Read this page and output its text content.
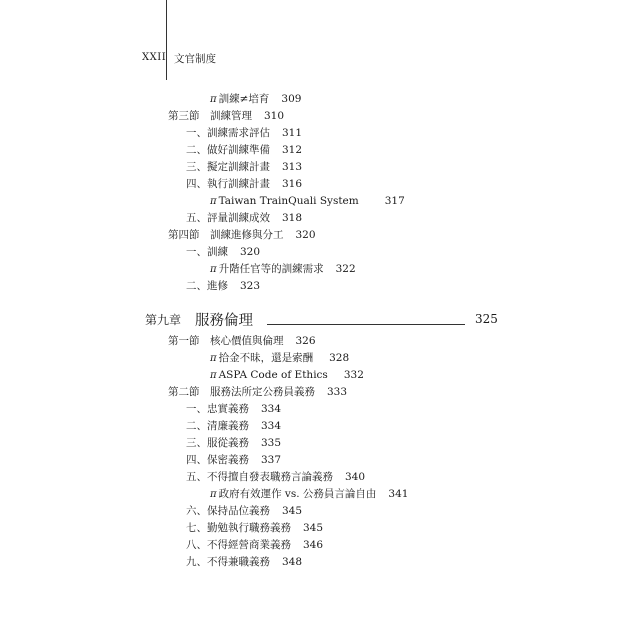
XXII 文官制度
π 訓練≠培育 309
第三節　訓練管理 310
一、訓練需求評估 311
二、做好訓練準備 312
三、擬定訓練計畫 313
四、執行訓練計畫 316
π Taiwan TrainQuali System 317
五、評量訓練成效 318
第四節　訓練進修與分工 320
一、訓練 320
π 升階任官等的訓練需求 322
二、進修 323
第九章 服務倫理	325
第一節　核心價值與倫理 326
π 拾金不昧，還是索酬 328
π ASPA Code of Ethics 332
第二節　服務法所定公務員義務 333
一、忠實義務 334
二、清廉義務 334
三、服從義務 335
四、保密義務 337
五、不得擅自發表職務言論義務 340
π 政府有效運作 vs. 公務員言論自由 341
六、保持品位義務 345
七、勤勉執行職務義務 345
八、不得經營商業義務 346
九、不得兼職義務 348
